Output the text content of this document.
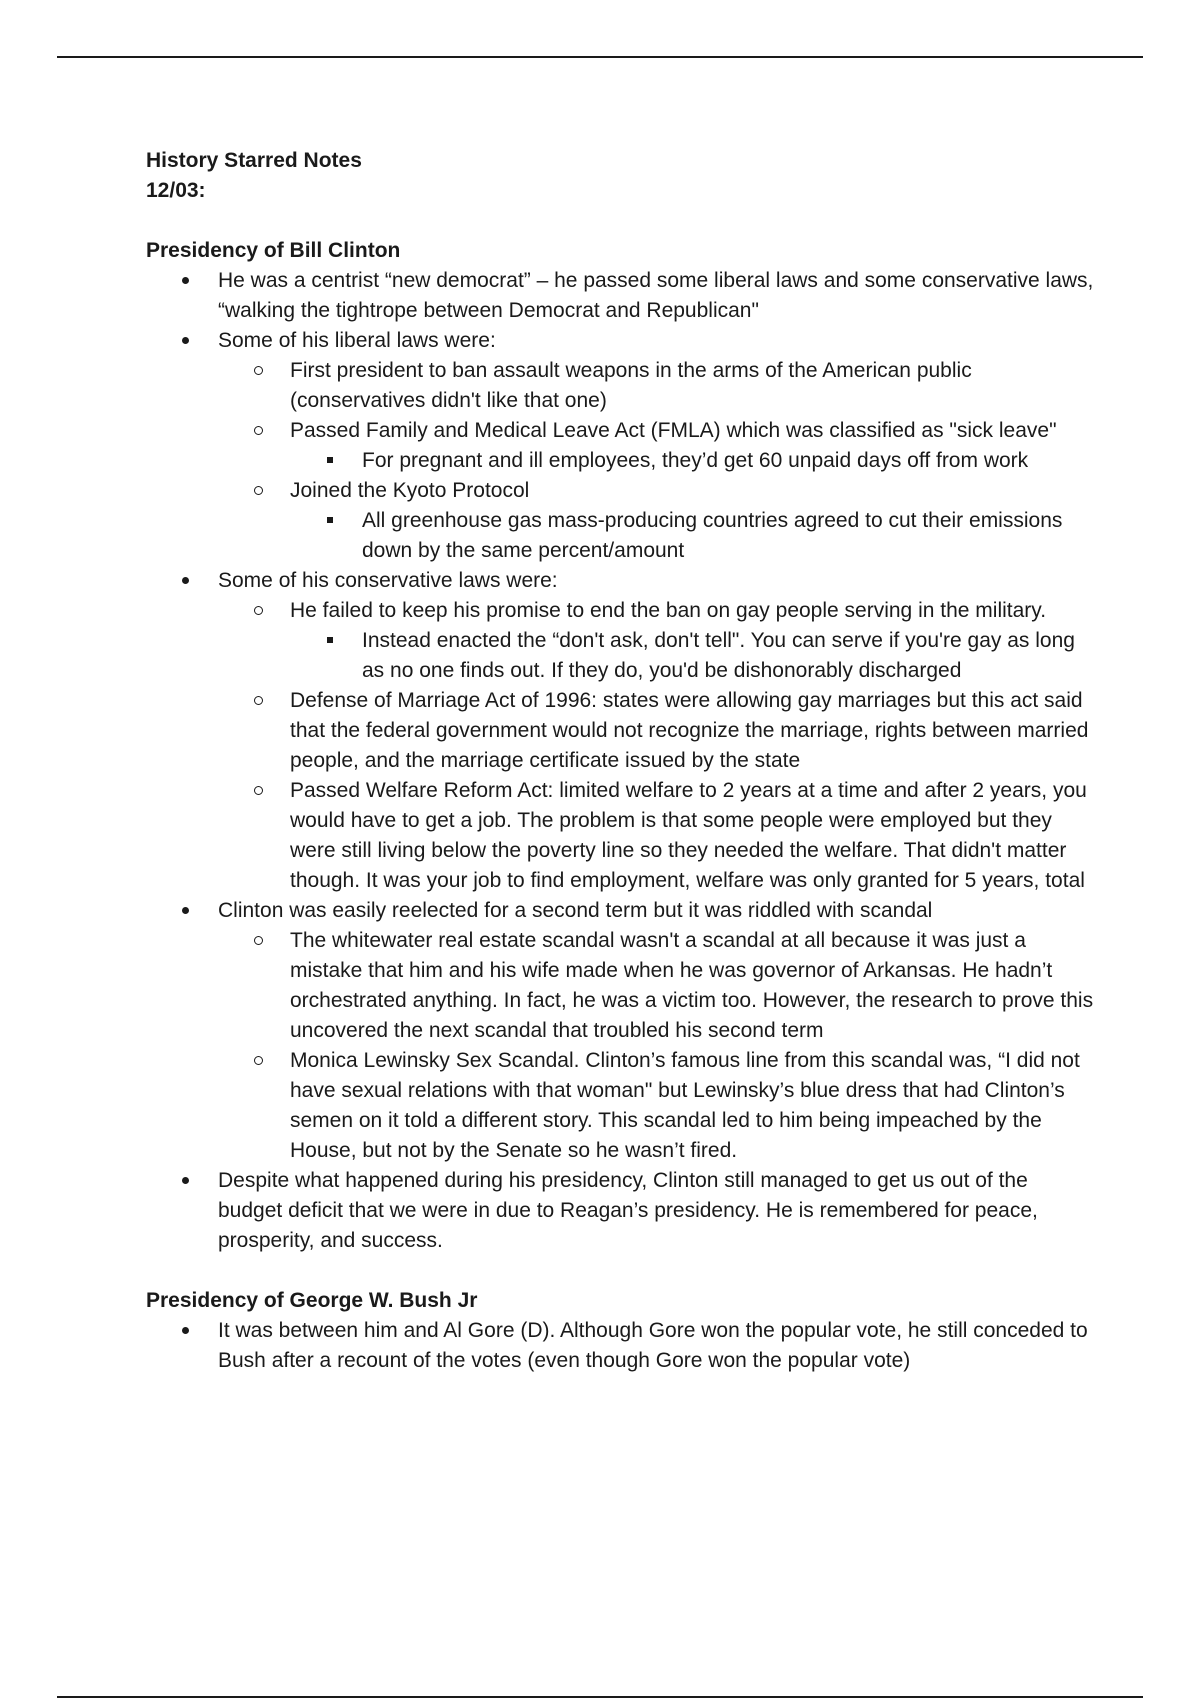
History Starred Notes
12/03:
Presidency of Bill Clinton
He was a centrist “new democrat” – he passed some liberal laws and some conservative laws, “walking the tightrope between Democrat and Republican"
Some of his liberal laws were:
First president to ban assault weapons in the arms of the American public (conservatives didn't like that one)
Passed Family and Medical Leave Act (FMLA) which was classified as "sick leave"
For pregnant and ill employees, they’d get 60 unpaid days off from work
Joined the Kyoto Protocol
All greenhouse gas mass-producing countries agreed to cut their emissions down by the same percent/amount
Some of his conservative laws were:
He failed to keep his promise to end the ban on gay people serving in the military.
Instead enacted the “don't ask, don't tell". You can serve if you're gay as long as no one finds out. If they do, you'd be dishonorably discharged
Defense of Marriage Act of 1996: states were allowing gay marriages but this act said that the federal government would not recognize the marriage, rights between married people, and the marriage certificate issued by the state
Passed Welfare Reform Act: limited welfare to 2 years at a time and after 2 years, you would have to get a job. The problem is that some people were employed but they were still living below the poverty line so they needed the welfare. That didn't matter though. It was your job to find employment, welfare was only granted for 5 years, total
Clinton was easily reelected for a second term but it was riddled with scandal
The whitewater real estate scandal wasn't a scandal at all because it was just a mistake that him and his wife made when he was governor of Arkansas. He hadn’t orchestrated anything. In fact, he was a victim too. However, the research to prove this uncovered the next scandal that troubled his second term
Monica Lewinsky Sex Scandal. Clinton’s famous line from this scandal was, “I did not have sexual relations with that woman" but Lewinsky’s blue dress that had Clinton’s semen on it told a different story. This scandal led to him being impeached by the House, but not by the Senate so he wasn’t fired.
Despite what happened during his presidency, Clinton still managed to get us out of the budget deficit that we were in due to Reagan’s presidency. He is remembered for peace, prosperity, and success.
Presidency of George W. Bush Jr
It was between him and Al Gore (D). Although Gore won the popular vote, he still conceded to Bush after a recount of the votes (even though Gore won the popular vote)
